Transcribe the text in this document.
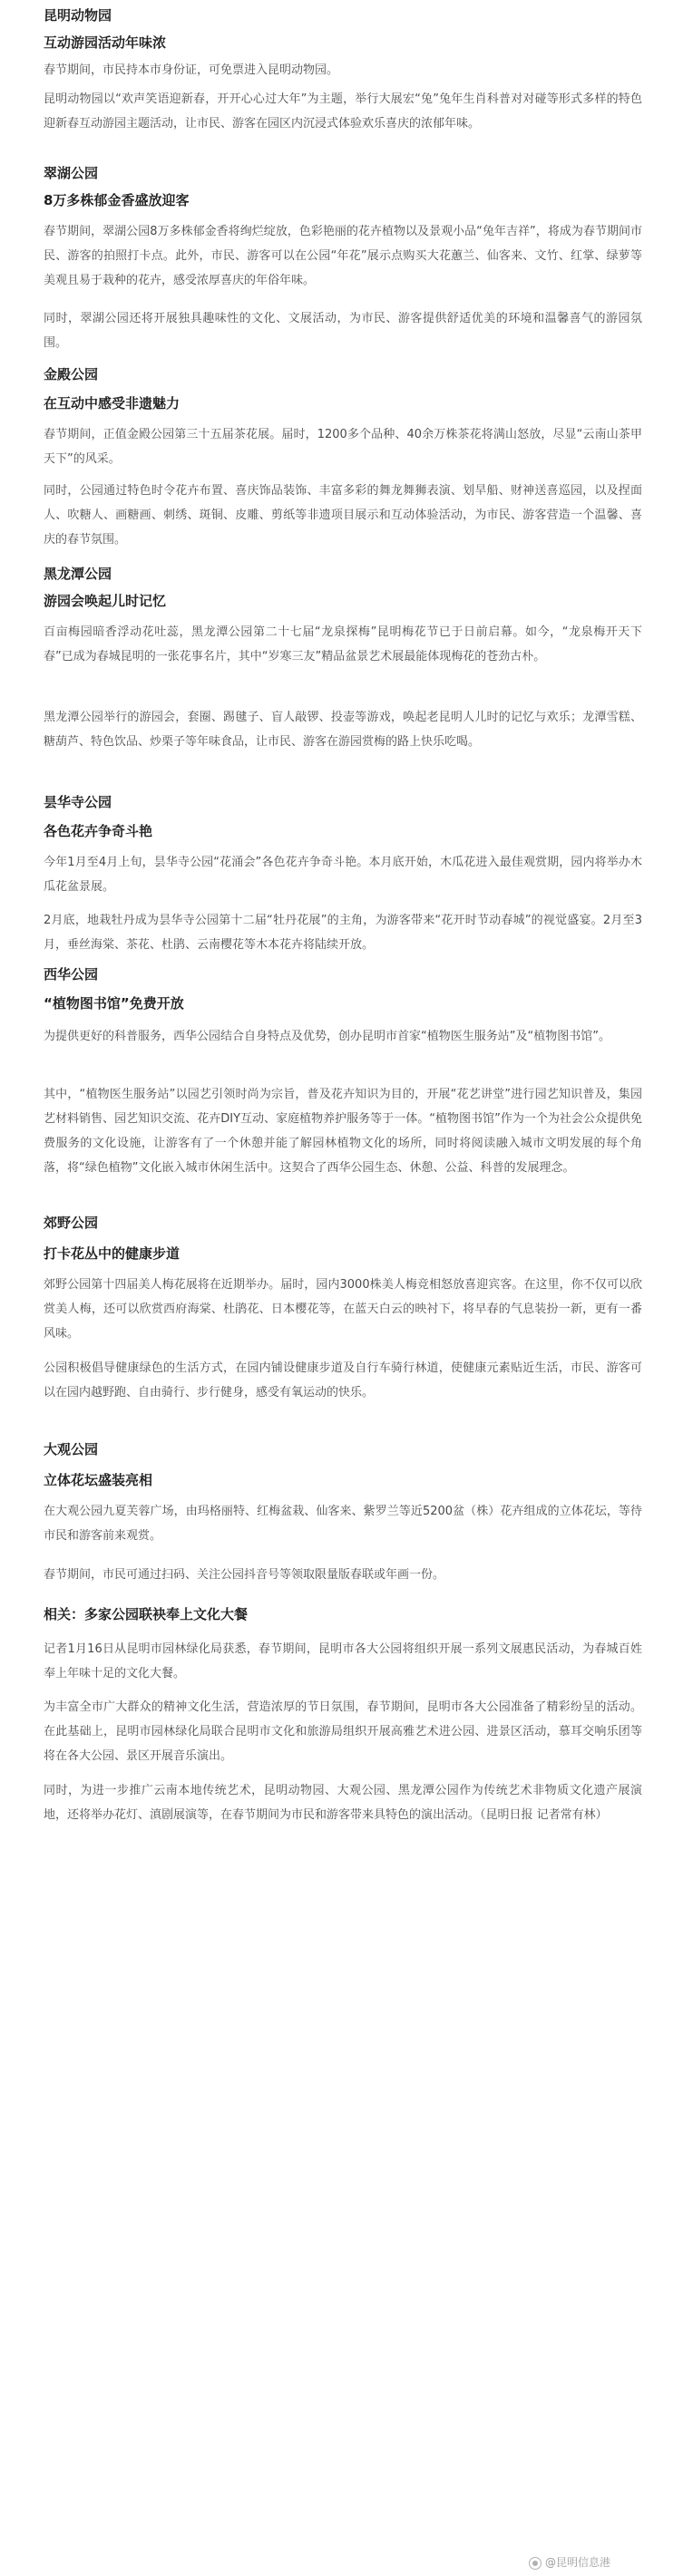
昆明动物园

互动游园活动年味浓

春节期间，市民持本市身份证，可免票进入昆明动物园。

昆明动物园以“欢声笑语迎新春，开开心心过大年”为主题，举行大展宏“兔”兔年生肖科普对对碰等形式多样的特色迎新春互动游园主题活动，让市民、游客在园区内沉浸式体验欢乐喜庆的浓郁年味。

翠湖公园

8万多株郁金香盛放迎客

春节期间，翠湖公园8万多株郁金香将绚烂绽放，色彩艳丽的花卉植物以及景观小品“兔年吉祥”，将成为春节期间市民、游客的拍照打卡点。此外，市民、游客可以在公园“年花”展示点购买大花蕙兰、仙客来、文竹、红掌、绿萝等美观且易于栽种的花卉，感受浓厚喜庆的年俗年味。

同时，翠湖公园还将开展独具趣味性的文化、文展活动，为市民、游客提供舒适优美的环境和温馨喜气的游园氛围。

金殿公园

在互动中感受非遗魅力

春节期间，正值金殿公园第三十五届茶花展。届时，1200多个品种、40余万株茶花将满山怒放，尽显“云南山茶甲天下”的风采。

同时，公园通过特色时令花卉布置、喜庆饰品装饰、丰富多彩的舞龙舞狮表演、划旱船、财神送喜巡园，以及捏面人、吹糖人、画糖画、刺绣、斑铜、皮雕、剪纸等非遗项目展示和互动体验活动，为市民、游客营造一个温馨、喜庆的春节氛围。

黑龙潭公园

游园会唤起儿时记忆

百亩梅园暗香浮动花吐蕊，黑龙潭公园第二十七届“龙泉探梅”昆明梅花节已于日前启幕。如今，“龙泉梅开天下春”已成为春城昆明的一张花事名片，其中“岁寒三友”精品盆景艺术展最能体现梅花的苍劲古朴。

黑龙潭公园举行的游园会，套圈、踢毽子、盲人敲锣、投壶等游戏，唤起老昆明人儿时的记忆与欢乐；龙潭雪糕、糖葫芦、特色饮品、炒栗子等年味食品，让市民、游客在游园赏梅的路上快乐吃喝。

昙华寺公园

各色花卉争奇斗艳

今年1月至4月上旬，昙华寺公园“花涌会”各色花卉争奇斗艳。本月底开始，木瓜花进入最佳观赏期，园内将举办木瓜花盆景展。

2月底，地栽牡丹成为昙华寺公园第十二届“牡丹花展”的主角，为游客带来“花开时节动春城”的视觉盛宴。2月至3月，垂丝海棠、茶花、杜鹃、云南樱花等木本花卉将陆续开放。

西华公园

“植物图书馆”免费开放

为提供更好的科普服务，西华公园结合自身特点及优势，创办昆明市首家“植物医生服务站”及“植物图书馆”。

其中，“植物医生服务站”以园艺引领时尚为宗旨，普及花卉知识为目的，开展“花艺讲堂”进行园艺知识普及，集园艺材料销售、园艺知识交流、花卉DIY互动、家庭植物养护服务等于一体。“植物图书馆”作为一个为社会公众提供免费服务的文化设施，让游客有了一个休憩并能了解园林植物文化的场所，同时将阅读融入城市文明发展的每个角落，将“绿色植物”文化嵌入城市休闲生活中。这契合了西华公园生态、休憩、公益、科普的发展理念。

郊野公园

打卡花丛中的健康步道

郊野公园第十四届美人梅花展将在近期举办。届时，园内3000株美人梅竞相怒放喜迎宾客。在这里，你不仅可以欣赏美人梅，还可以欣赏西府海棠、杜鹃花、日本樱花等，在蓝天白云的映衬下，将早春的气息装扮一新，更有一番风味。

公园积极倡导健康绿色的生活方式，在园内铺设健康步道及自行车骑行林道，使健康元素贴近生活，市民、游客可以在园内越野跑、自由骑行、步行健身，感受有氧运动的快乐。

大观公园

立体花坛盛装亮相

在大观公园九夏芙蓉广场，由玛格丽特、红梅盆栽、仙客来、紫罗兰等近5200盆（株）花卉组成的立体花坛，等待市民和游客前来观赏。

春节期间，市民可通过扫码、关注公园抖音号等领取限量版春联或年画一份。

相关：多家公园联袂奉上文化大餐

记者1月16日从昆明市园林绿化局获悉，春节期间，昆明市各大公园将组织开展一系列文展惠民活动，为春城百姓奉上年味十足的文化大餐。

为丰富全市广大群众的精神文化生活，营造浓厚的节日氛围，春节期间，昆明市各大公园准备了精彩纷呈的活动。在此基础上，昆明市园林绿化局联合昆明市文化和旅游局组织开展高雅艺术进公园、进景区活动，慕耳交响乐团等将在各大公园、景区开展音乐演出。

同时，为进一步推广云南本地传统艺术，昆明动物园、大观公园、黑龙潭公园作为传统艺术非物质文化遗产展演地，还将举办花灯、滇剧展演等，在春节期间为市民和游客带来具特色的演出活动。（昆明日报 记者常有林）

@昆明信息港
